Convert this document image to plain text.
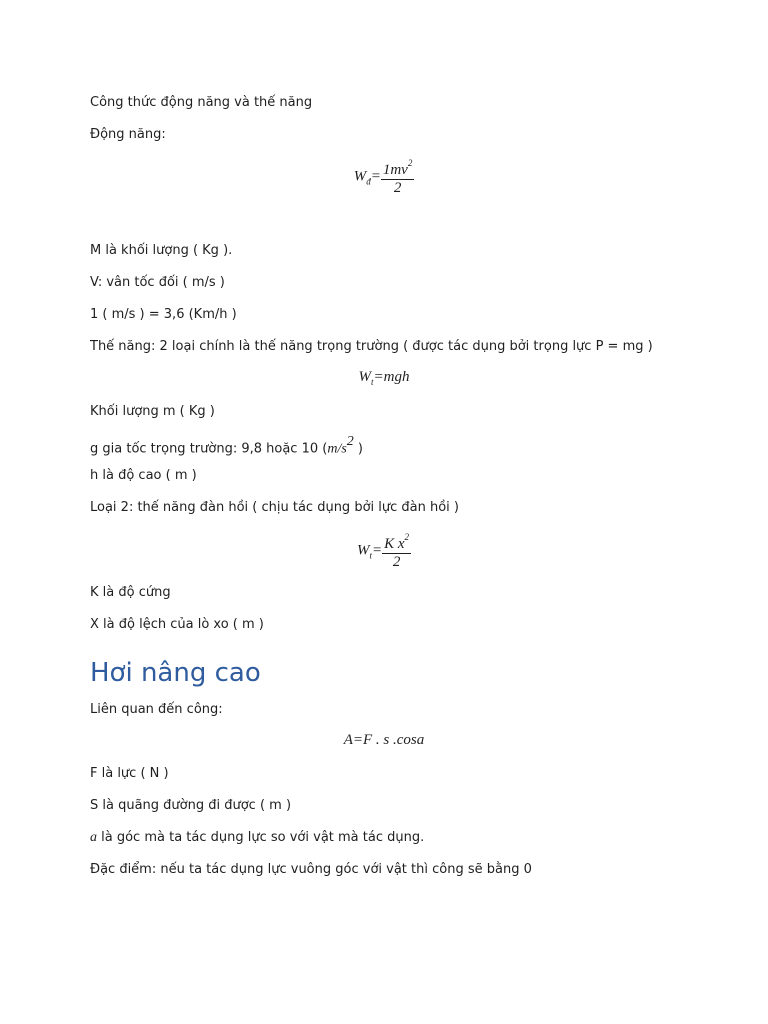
Công thức động năng và thế năng
Động năng:
$W_đ= \frac{1mv^2}{2}$
M là khối lượng ( Kg ).
V: vân tốc đối ( m/s )
1 ( m/s ) = 3,6 (Km/h )
Thế năng: 2 loại chính là thế năng trọng trường ( được tác dụng bởi trọng lực P = mg )
$W_t=mgh$
Khối lượng m ( Kg )
g gia tốc trọng trường: 9,8 hoặc 10 ($m/s^2$ )
h là độ cao ( m )
Loại 2: thế năng đàn hồi ( chịu tác dụng bởi lực đàn hồi )
$W_t= \frac{K x^2}{2}$
K là độ cứng
X là độ lệch của lò xo ( m )
Hơi nâng cao
Liên quan đến công:
A=F . s .cosa
F là lực ( N )
S là quãng đường đi được ( m )
a là góc mà ta tác dụng lực so với vật mà tác dụng.
Đặc điểm: nếu ta tác dụng lực vuông góc với vật thì công sẽ bằng 0
